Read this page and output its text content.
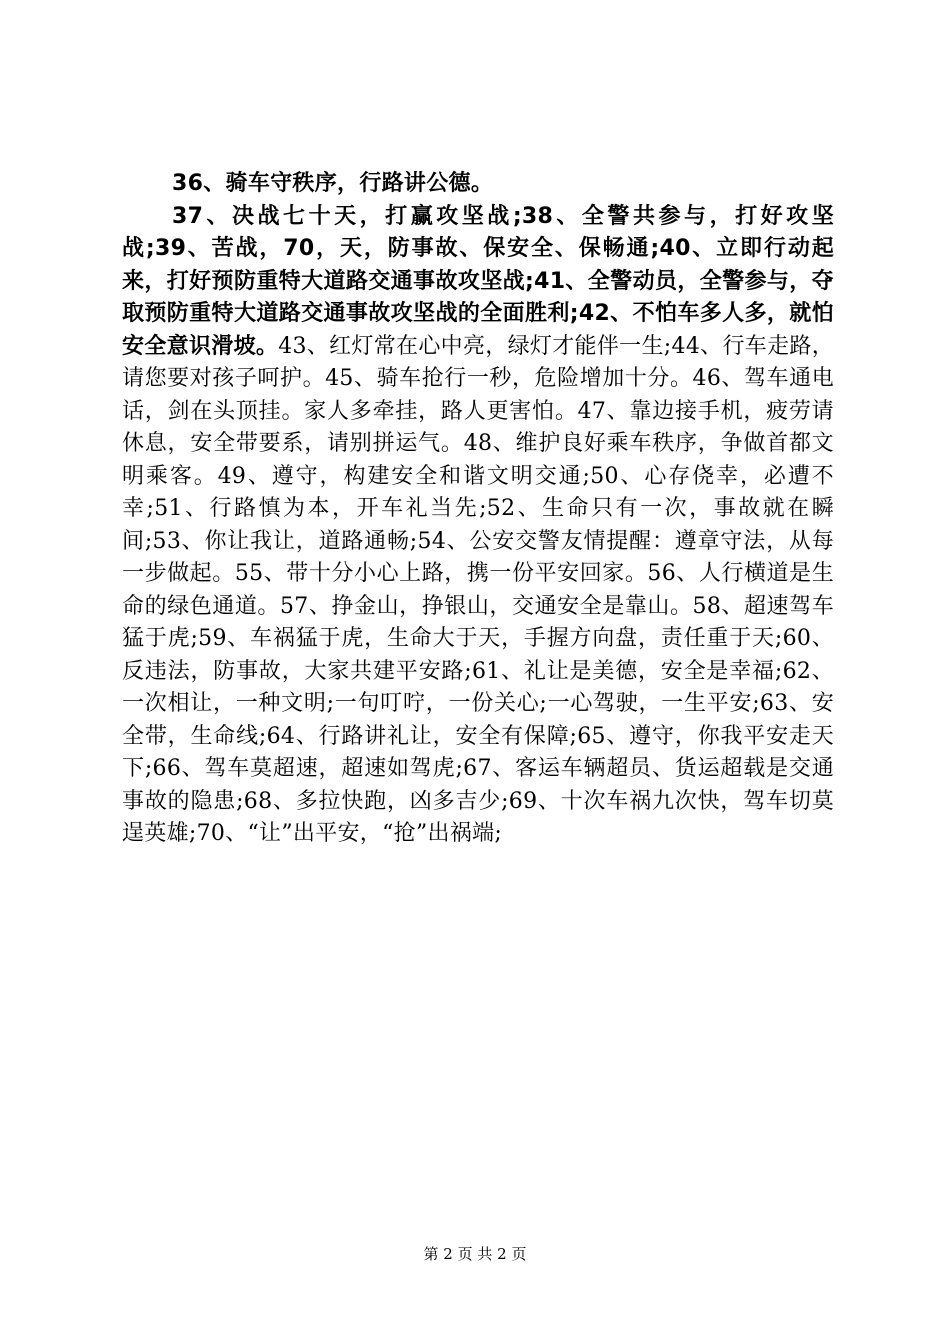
36、骑车守秩序，行路讲公德。

37、决战七十天，打赢攻坚战;38、全警共参与，打好攻坚战;39、苦战，70，天，防事故、保安全、保畅通;40、立即行动起来，打好预防重特大道路交通事故攻坚战;41、全警动员，全警参与，夺取预防重特大道路交通事故攻坚战的全面胜利;42、不怕车多人多，就怕安全意识滑坡。43、红灯常在心中亮，绿灯才能伴一生;44、行车走路，请您要对孩子呵护。45、骑车抢行一秒，危险增加十分。46、驾车通电话，剑在头顶挂。家人多牵挂，路人更害怕。47、靠边接手机，疲劳请休息，安全带要系，请别拼运气。48、维护良好乘车秩序，争做首都文明乘客。49、遵守，构建安全和谐文明交通;50、心存侥幸，必遭不幸;51、行路慎为本，开车礼当先;52、生命只有一次，事故就在瞬间;53、你让我让，道路通畅;54、公安交警友情提醒：遵章守法，从每一步做起。55、带十分小心上路，携一份平安回家。56、人行横道是生命的绿色通道。57、挣金山，挣银山，交通安全是靠山。58、超速驾车猛于虎;59、车祸猛于虎，生命大于天，手握方向盘，责任重于天;60、反违法，防事故，大家共建平安路;61、礼让是美德，安全是幸福;62、一次相让，一种文明;一句叮咛，一份关心;一心驾驶，一生平安;63、安全带，生命线;64、行路讲礼让，安全有保障;65、遵守，你我平安走天下;66、驾车莫超速，超速如驾虎;67、客运车辆超员、货运超载是交通事故的隐患;68、多拉快跑，凶多吉少;69、十次车祸九次快，驾车切莫逞英雄;70、“让”出平安，“抢”出祸端;

第 2 页 共 2 页
